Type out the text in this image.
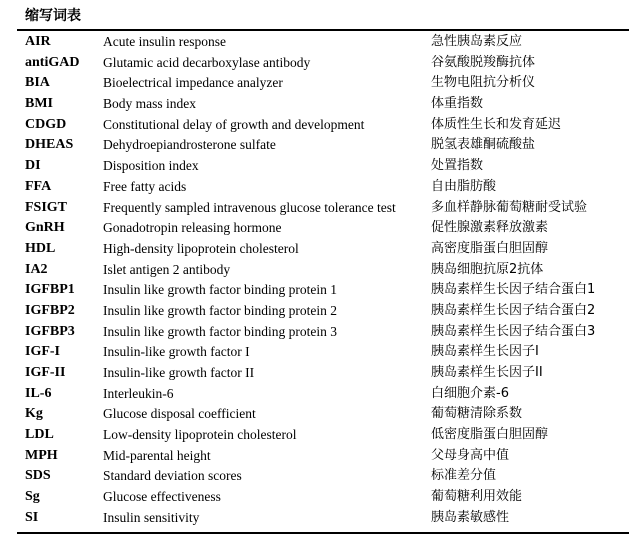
缩写词表
AIR	Acute insulin response	急性胰岛素反应
antiGAD Glutamic acid decarboxylase antibody	谷氨酸脱羧酶抗体
BIA	Bioelectrical impedance analyzer	生物电阻抗分析仪
BMI	Body mass index	体重指数
CDGD	Constitutional delay of growth and development	体质性生长和发育延迟
DHEAS Dehydroepiandrosterone sulfate	脱氢表雄酮硫酸盐
DI	Disposition index	处置指数
FFA	Free fatty acids	自由脂肪酸
FSIGT	Frequently sampled intravenous glucose tolerance test	多血样静脉葡萄糖耐受试验
GnRH	Gonadotropin releasing hormone	促性腺激素释放激素
HDL	High-density lipoprotein cholesterol	高密度脂蛋白胆固醇
IA2	Islet antigen 2 antibody	胰岛细胞抗原2抗体
IGFBP1 Insulin like growth factor binding protein 1	胰岛素样生长因子结合蛋白1
IGFBP2 Insulin like growth factor binding protein 2	胰岛素样生长因子结合蛋白2
IGFBP3 Insulin like growth factor binding protein 3	胰岛素样生长因子结合蛋白3
IGF-I	Insulin-like growth factor I	胰岛素样生长因子I
IGF-II	Insulin-like growth factor II	胰岛素样生长因子II
IL-6	Interleukin-6	白细胞介素-6
Kg	Glucose disposal coefficient	葡萄糖清除系数
LDL	Low-density lipoprotein cholesterol	低密度脂蛋白胆固醇
MPH	Mid-parental height	父母身高中值
SDS	Standard deviation scores	标准差分值
Sg	Glucose effectiveness	葡萄糖利用效能
SI	Insulin sensitivity	胰岛素敏感性
